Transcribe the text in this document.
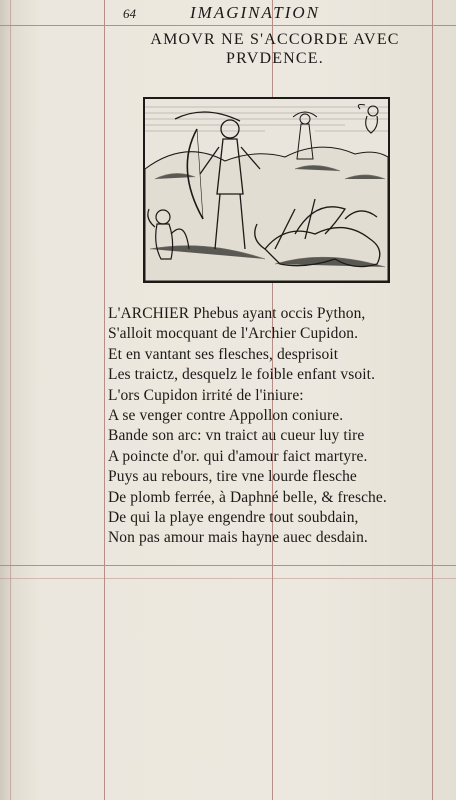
64	IMAGINATION
AMOVR NE S'ACCORDE AVEC PRVDENCE.
L'ARCHIER Phebus ayant occis Python,
S'alloit mocquant de l'Archier Cupidon.
Et en vantant ses flesches, desprisoit
Les traictz, desquelz le foible enfant vsoit.
L'ors Cupidon irrité de l'iniure:
A se venger contre Appollon coniure.
Bande son arc: vn traict au cueur luy tire
A poincte d'or. qui d'amour faict martyre.
Puys au rebours, tire vne lourde flesche
De plomb ferrée, à Daphné belle, & fresche.
De qui la playe engendre tout soubdain,
Non pas amour mais hayne auec desdain.
